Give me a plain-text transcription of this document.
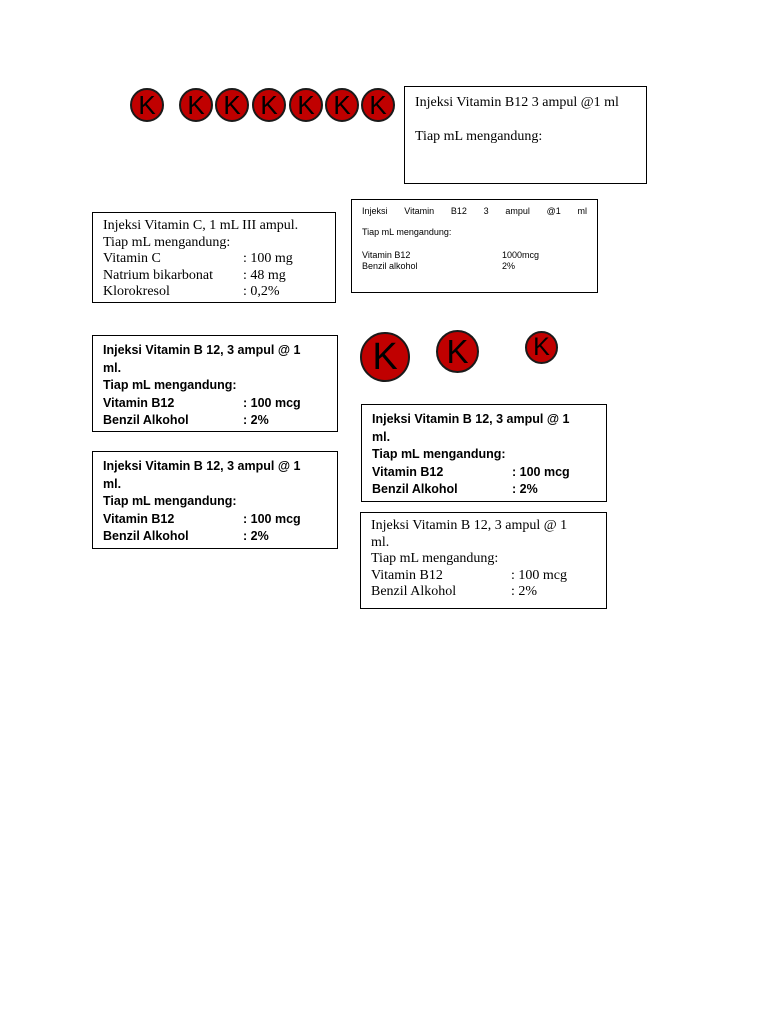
K	K K K K K K	Injeksi Vitamin B12 3 ampul @1 ml
Tiap mL mengandung:
Injeksi Vitamin C, 1 mL III ampul.
Tiap mL mengandung:
Vitamin C	: 100 mg
Natrium bikarbonat	: 48 mg
Klorokresol	: 0,2%
Injeksi Vitamin B12 3 ampul @1 ml
Tiap mL mengandung:
Vitamin B12	1000mcg
Benzil alkohol	2%
Injeksi Vitamin B 12, 3 ampul @ 1
ml.
Tiap mL mengandung:
Vitamin B12	: 100 mcg
Benzil Alkohol	: 2%
Injeksi Vitamin B 12, 3 ampul @ 1
ml.
Tiap mL mengandung:
Vitamin B12	: 100 mcg
Benzil Alkohol	: 2%
K	K	K
Injeksi Vitamin B 12, 3 ampul @ 1
ml.
Tiap mL mengandung:
Vitamin B12	: 100 mcg
Benzil Alkohol	: 2%
Injeksi Vitamin B 12, 3 ampul @ 1
ml.
Tiap mL mengandung:
Vitamin B12	: 100 mcg
Benzil Alkohol	: 2%
